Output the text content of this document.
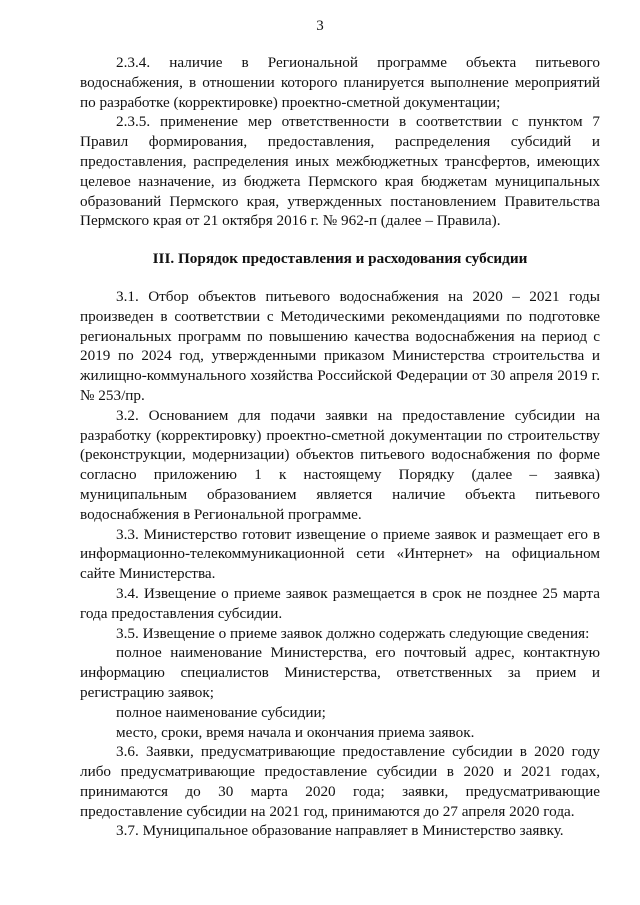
3

2.3.4. наличие в Региональной программе объекта питьевого водоснабжения, в отношении которого планируется выполнение мероприятий по разработке (корректировке) проектно-сметной документации;

2.3.5. применение мер ответственности в соответствии с пунктом 7 Правил формирования, предоставления, распределения субсидий и предоставления, распределения иных межбюджетных трансфертов, имеющих целевое назначение, из бюджета Пермского края бюджетам муниципальных образований Пермского края, утвержденных постановлением Правительства Пермского края от 21 октября 2016 г. № 962-п (далее – Правила).

III. Порядок предоставления и расходования субсидии

3.1. Отбор объектов питьевого водоснабжения на 2020 – 2021 годы произведен в соответствии с Методическими рекомендациями по подготовке региональных программ по повышению качества водоснабжения на период с 2019 по 2024 год, утвержденными приказом Министерства строительства и жилищно-коммунального хозяйства Российской Федерации от 30 апреля 2019 г. № 253/пр.

3.2. Основанием для подачи заявки на предоставление субсидии на разработку (корректировку) проектно-сметной документации по строительству (реконструкции, модернизации) объектов питьевого водоснабжения по форме согласно приложению 1 к настоящему Порядку (далее – заявка) муниципальным образованием является наличие объекта питьевого водоснабжения в Региональной программе.

3.3. Министерство готовит извещение о приеме заявок и размещает его в информационно-телекоммуникационной сети «Интернет» на официальном сайте Министерства.

3.4. Извещение о приеме заявок размещается в срок не позднее 25 марта года предоставления субсидии.

3.5. Извещение о приеме заявок должно содержать следующие сведения:

полное наименование Министерства, его почтовый адрес, контактную информацию специалистов Министерства, ответственных за прием и регистрацию заявок;

полное наименование субсидии;

место, сроки, время начала и окончания приема заявок.

3.6. Заявки, предусматривающие предоставление субсидии в 2020 году либо предусматривающие предоставление субсидии в 2020 и 2021 годах, принимаются до 30 марта 2020 года; заявки, предусматривающие предоставление субсидии на 2021 год, принимаются до 27 апреля 2020 года.

3.7. Муниципальное образование направляет в Министерство заявку.
